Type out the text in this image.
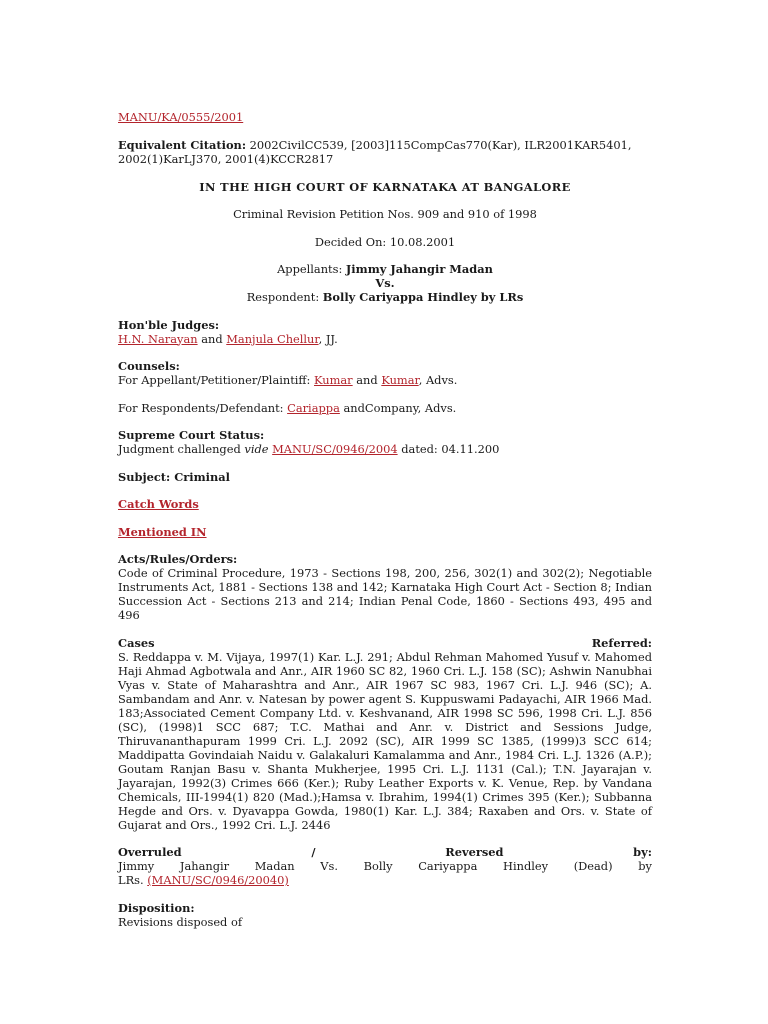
MANU/KA/0555/2001
Equivalent Citation: 2002CivilCC539, [2003]115CompCas770(Kar), ILR2001KAR5401,
2002(1)KarLJ370, 2001(4)KCCR2817
IN THE HIGH COURT OF KARNATAKA AT BANGALORE
Criminal Revision Petition Nos. 909 and 910 of 1998
Decided On: 10.08.2001
Appellants: Jimmy Jahangir Madan
Vs.
Respondent: Bolly Cariyappa Hindley by LRs
Hon'ble Judges:
H.N. Narayan and Manjula Chellur, JJ.
Counsels:
For Appellant/Petitioner/Plaintiff: Kumar and Kumar, Advs.
For Respondents/Defendant: Cariappa andCompany, Advs.
Supreme Court Status:
Judgment challenged vide MANU/SC/0946/2004 dated: 04.11.200
Subject: Criminal
Catch Words
Mentioned IN
Acts/Rules/Orders:
Code of Criminal Procedure, 1973 - Sections 198, 200, 256, 302(1) and 302(2); Negotiable Instruments Act, 1881 - Sections 138 and 142; Karnataka High Court Act - Section 8; Indian Succession Act - Sections 213 and 214; Indian Penal Code, 1860 - Sections 493, 495 and 496
Cases	Referred:
S. Reddappa v. M. Vijaya, 1997(1) Kar. L.J. 291; Abdul Rehman Mahomed Yusuf v. Mahomed Haji Ahmad Agbotwala and Anr., AIR 1960 SC 82, 1960 Cri. L.J. 158 (SC); Ashwin Nanubhai Vyas v. State of Maharashtra and Anr., AIR 1967 SC 983, 1967 Cri. L.J. 946 (SC); A. Sambandam and Anr. v. Natesan by power agent S. Kuppuswami Padayachi, AIR 1966 Mad. 183;Associated Cement Company Ltd. v. Keshvanand, AIR 1998 SC 596, 1998 Cri. L.J. 856 (SC), (1998)1 SCC 687; T.C. Mathai and Anr. v. District and Sessions Judge, Thiruvananthapuram 1999 Cri. L.J. 2092 (SC), AIR 1999 SC 1385, (1999)3 SCC 614; Maddipatta Govindaiah Naidu v. Galakaluri Kamalamma and Anr., 1984 Cri. L.J. 1326 (A.P.); Goutam Ranjan Basu v. Shanta Mukherjee, 1995 Cri. L.J. 1131 (Cal.); T.N. Jayarajan v. Jayarajan, 1992(3) Crimes 666 (Ker.); Ruby Leather Exports v. K. Venue, Rep. by Vandana Chemicals, III-1994(1) 820 (Mad.);Hamsa v. Ibrahim, 1994(1) Crimes 395 (Ker.); Subbanna Hegde and Ors. v. Dyavappa Gowda, 1980(1) Kar. L.J. 384; Raxaben and Ors. v. State of Gujarat and Ors., 1992 Cri. L.J. 2446
Overruled	/	Reversed	by:
Jimmy Jahangir Madan Vs. Bolly Cariyappa Hindley (Dead) by
LRs. (MANU/SC/0946/20040)
Disposition:
Revisions disposed of
